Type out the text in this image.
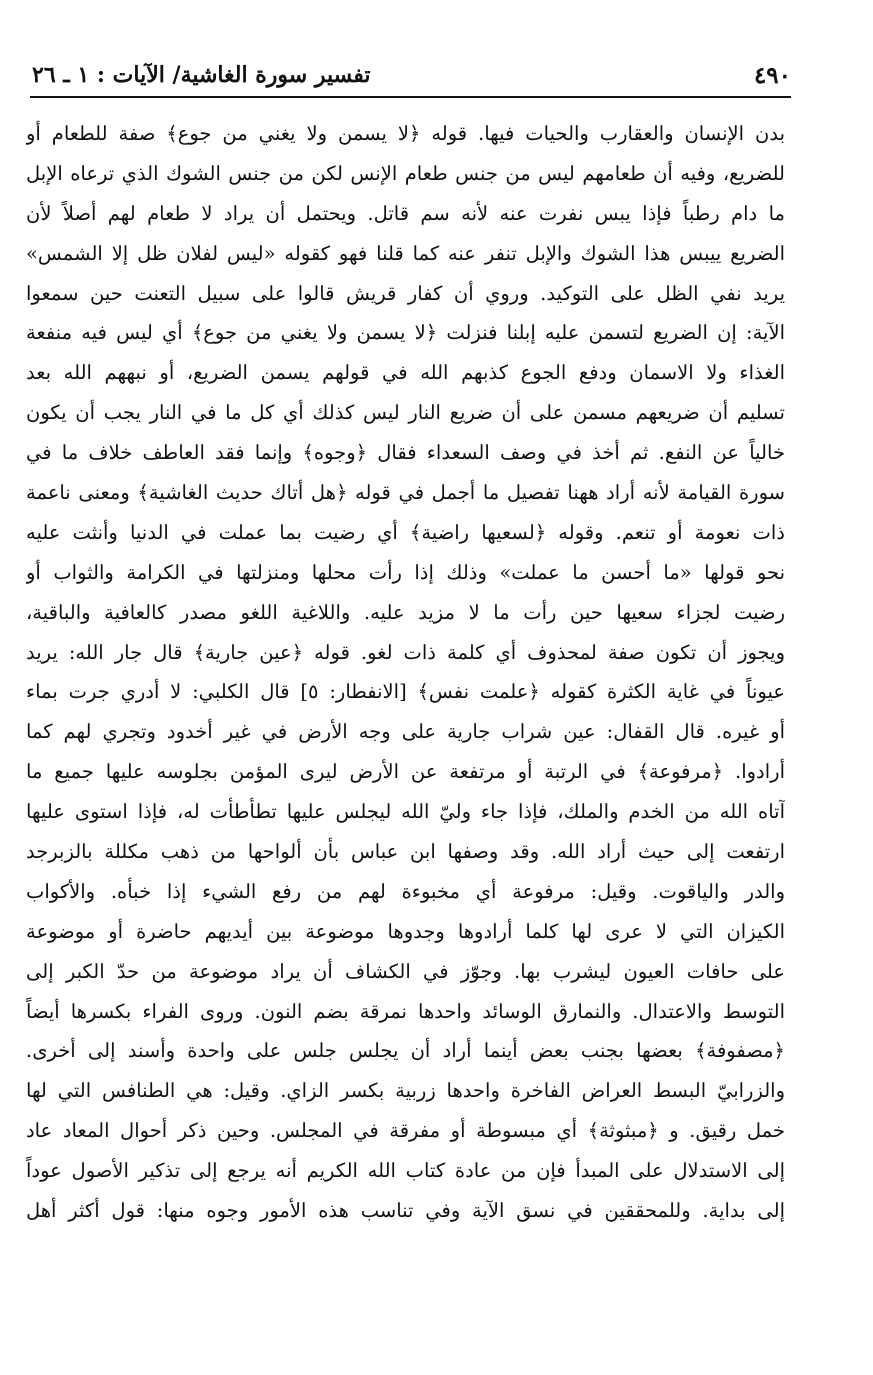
٤٩٠
تفسير سورة الغاشية/ الآيات : ١ ـ ٢٦
بدن الإنسان والعقارب والحيات فيها. قوله ﴿لا يسمن ولا يغني من جوع﴾ صفة للطعام أو
للضريع، وفيه أن طعامهم ليس من جنس طعام الإنس لكن من جنس الشوك الذي ترعاه الإبل
ما دام رطباً فإذا يبس نفرت عنه لأنه سم قاتل. ويحتمل أن يراد لا طعام لهم أصلاً لأن
الضريع ييبس هذا الشوك والإبل تنفر عنه كما قلنا فهو كقوله «ليس لفلان ظل إلا الشمس»
يريد نفي الظل على التوكيد. وروي أن كفار قريش قالوا على سبيل التعنت حين سمعوا
الآية: إن الضريع لتسمن عليه إبلنا فنزلت ﴿لا يسمن ولا يغني من جوع﴾ أي ليس فيه منفعة
الغذاء ولا الاسمان ودفع الجوع كذبهم الله في قولهم يسمن الضريع، أو نبههم الله بعد
تسليم أن ضريعهم مسمن على أن ضريع النار ليس كذلك أي كل ما في النار يجب أن يكون
خالياً عن النفع. ثم أخذ في وصف السعداء فقال ﴿وجوه﴾ وإنما فقد العاطف خلاف ما في
سورة القيامة لأنه أراد ههنا تفصيل ما أجمل في قوله ﴿هل أتاك حديث الغاشية﴾ ومعنى ناعمة
ذات نعومة أو تنعم. وقوله ﴿لسعيها راضية﴾ أي رضيت بما عملت في الدنيا وأنثت عليه
نحو قولها «ما أحسن ما عملت» وذلك إذا رأت محلها ومنزلتها في الكرامة والثواب أو
رضيت لجزاء سعيها حين رأت ما لا مزيد عليه. واللاغية اللغو مصدر كالعافية والباقية،
ويجوز أن تكون صفة لمحذوف أي كلمة ذات لغو. قوله ﴿عين جارية﴾ قال جار الله: يريد
عيوناً في غاية الكثرة كقوله ﴿علمت نفس﴾ [الانفطار: ٥] قال الكلبي: لا أدري جرت بماء
أو غيره. قال القفال: عين شراب جارية على وجه الأرض في غير أخدود وتجري لهم كما
أرادوا. ﴿مرفوعة﴾ في الرتبة أو مرتفعة عن الأرض ليرى المؤمن بجلوسه عليها جميع ما
آتاه الله من الخدم والملك، فإذا جاء وليّ الله ليجلس عليها تطأطأت له، فإذا استوى عليها
ارتفعت إلى حيث أراد الله. وقد وصفها ابن عباس بأن ألواحها من ذهب مكللة بالزبرجد
والدر والياقوت. وقيل: مرفوعة أي مخبوءة لهم من رفع الشيء إذا خبأه. والأكواب
الكيزان التي لا عرى لها كلما أرادوها وجدوها موضوعة بين أيديهم حاضرة أو موضوعة
على حافات العيون ليشرب بها. وجوّز في الكشاف أن يراد موضوعة من حدّ الكبر إلى
التوسط والاعتدال. والنمارق الوسائد واحدها نمرقة بضم النون. وروى الفراء بكسرها أيضاً
﴿مصفوفة﴾ بعضها بجنب بعض أينما أراد أن يجلس جلس على واحدة وأسند إلى أخرى.
والزرابيّ البسط العراض الفاخرة واحدها زربية بكسر الزاي. وقيل: هي الطنافس التي لها
خمل رقيق. و ﴿مبثوثة﴾ أي مبسوطة أو مفرقة في المجلس. وحين ذكر أحوال المعاد عاد
إلى الاستدلال على المبدأ فإن من عادة كتاب الله الكريم أنه يرجع إلى تذكير الأصول عوداً
إلى بداية. وللمحققين في نسق الآية وفي تناسب هذه الأمور وجوه منها: قول أكثر أهل
